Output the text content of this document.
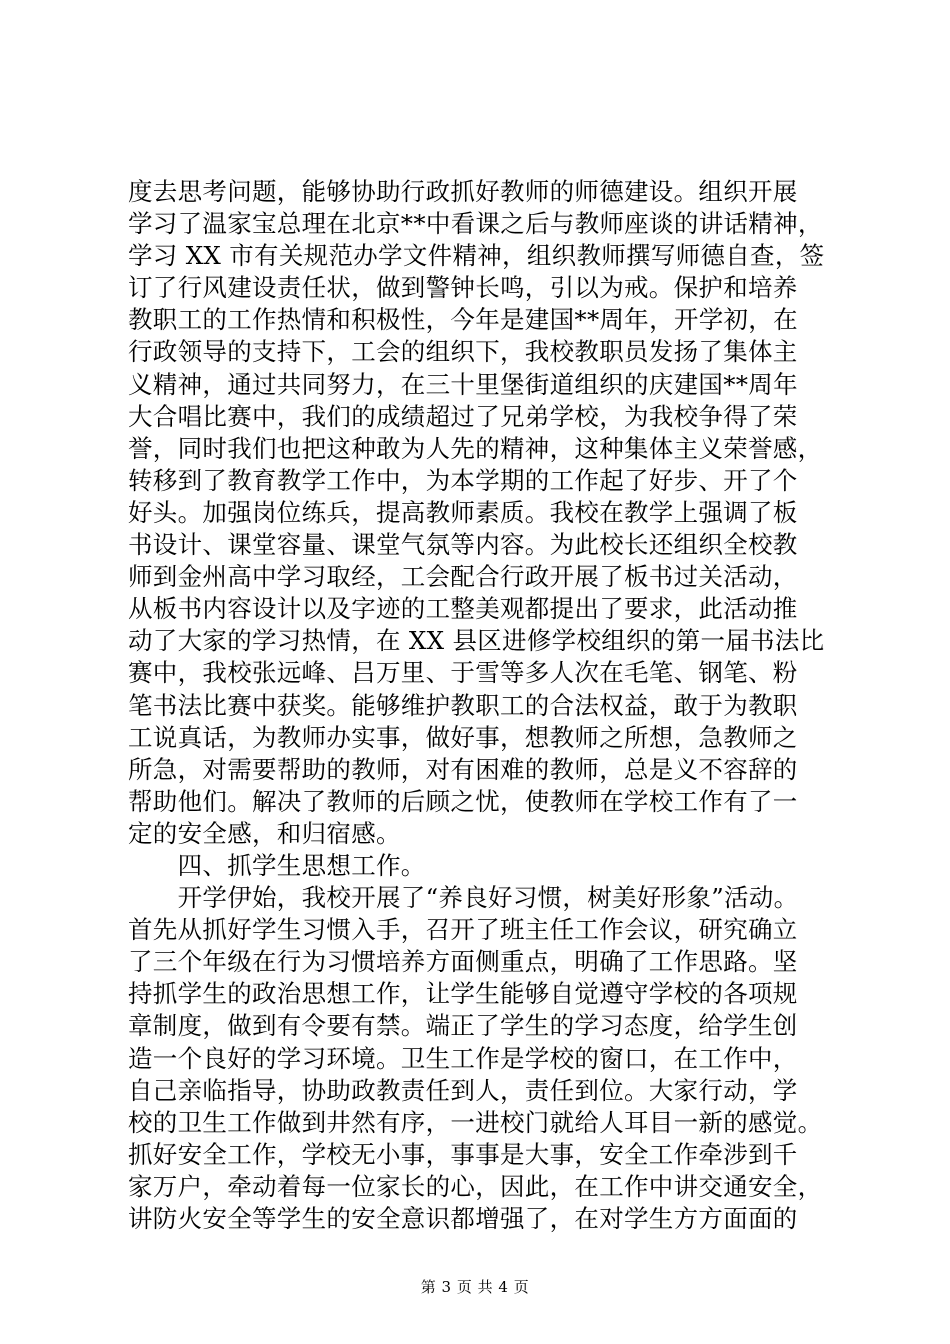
度去思考问题，能够协助行政抓好教师的师德建设。组织开展
学习了温家宝总理在北京**中看课之后与教师座谈的讲话精神，
学习 XX 市有关规范办学文件精神，组织教师撰写师德自查，签
订了行风建设责任状，做到警钟长鸣，引以为戒。保护和培养
教职工的工作热情和积极性，今年是建国**周年，开学初，在
行政领导的支持下，工会的组织下，我校教职员发扬了集体主
义精神，通过共同努力，在三十里堡街道组织的庆建国**周年
大合唱比赛中，我们的成绩超过了兄弟学校，为我校争得了荣
誉，同时我们也把这种敢为人先的精神，这种集体主义荣誉感，
转移到了教育教学工作中，为本学期的工作起了好步、开了个
好头。加强岗位练兵，提高教师素质。我校在教学上强调了板
书设计、课堂容量、课堂气氛等内容。为此校长还组织全校教
师到金州高中学习取经，工会配合行政开展了板书过关活动，
从板书内容设计以及字迹的工整美观都提出了要求，此活动推
动了大家的学习热情，在 XX 县区进修学校组织的第一届书法比
赛中，我校张远峰、吕万里、于雪等多人次在毛笔、钢笔、粉
笔书法比赛中获奖。能够维护教职工的合法权益，敢于为教职
工说真话，为教师办实事，做好事，想教师之所想，急教师之
所急，对需要帮助的教师，对有困难的教师，总是义不容辞的
帮助他们。解决了教师的后顾之忧，使教师在学校工作有了一
定的安全感，和归宿感。
　　四、抓学生思想工作。
　　开学伊始，我校开展了“养良好习惯，树美好形象”活动。
首先从抓好学生习惯入手，召开了班主任工作会议，研究确立
了三个年级在行为习惯培养方面侧重点，明确了工作思路。坚
持抓学生的政治思想工作，让学生能够自觉遵守学校的各项规
章制度，做到有令要有禁。端正了学生的学习态度，给学生创
造一个良好的学习环境。卫生工作是学校的窗口，在工作中，
自己亲临指导，协助政教责任到人，责任到位。大家行动，学
校的卫生工作做到井然有序，一进校门就给人耳目一新的感觉。
抓好安全工作，学校无小事，事事是大事，安全工作牵涉到千
家万户，牵动着每一位家长的心，因此，在工作中讲交通安全，
讲防火安全等学生的安全意识都增强了，在对学生方方面面的
第 3 页 共 4 页
